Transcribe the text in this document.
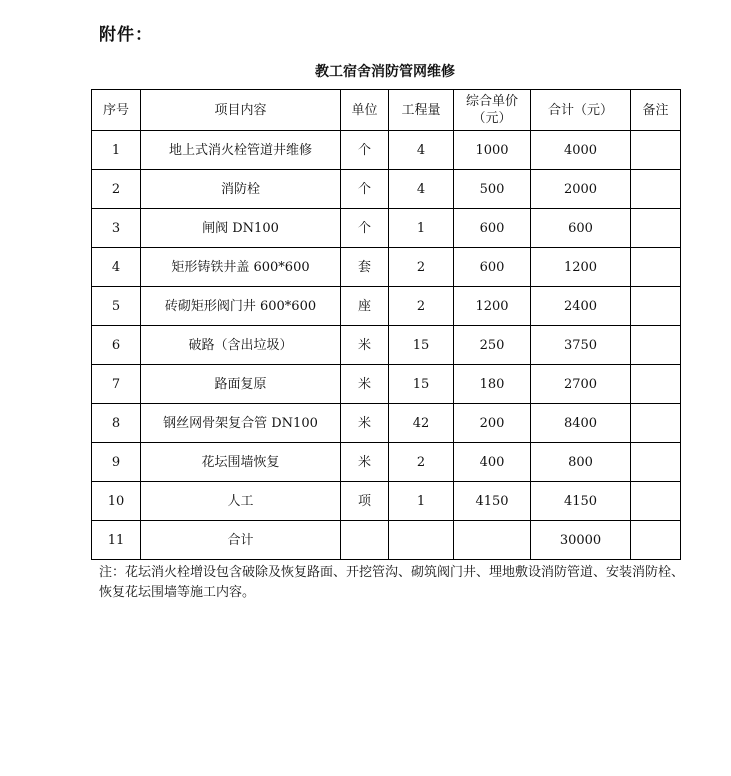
附件：
教工宿舍消防管网维修
序号	项目内容	单位	工程量	综合单价（元）	合计（元）	备注
1	地上式消火栓管道井维修	个	4	1000	4000	
2	消防栓	个	4	500	2000	
3	闸阀 DN100	个	1	600	600	
4	矩形铸铁井盖 600*600	套	2	600	1200	
5	砖砌矩形阀门井 600*600	座	2	1200	2400	
6	破路（含出垃圾）	米	15	250	3750	
7	路面复原	米	15	180	2700	
8	钢丝网骨架复合管 DN100	米	42	200	8400	
9	花坛围墙恢复	米	2	400	800	
10	人工	项	1	4150	4150	
11	合计				30000	
注：花坛消火栓增设包含破除及恢复路面、开挖管沟、砌筑阀门井、埋地敷设消防管道、安装消防栓、恢复花坛围墙等施工内容。
